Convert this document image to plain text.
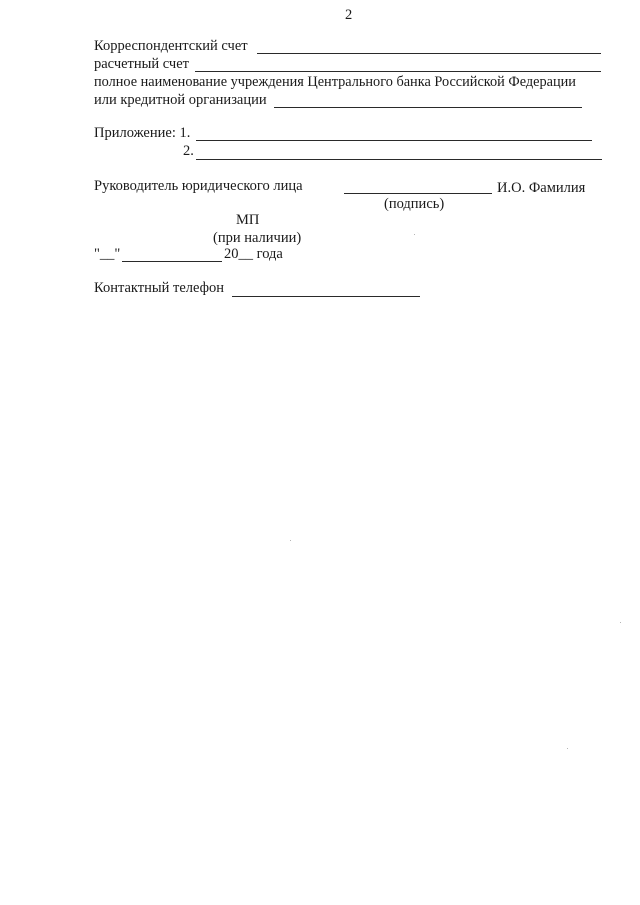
2
Корреспондентский счет
расчетный счет
полное наименование учреждения Центрального банка Российской Федерации
или кредитной организации
Приложение: 1.
2.
Руководитель юридического лица	И.О. Фамилия
(подпись)
МП
(при наличии)
"__"	20__ года
Контактный телефон
